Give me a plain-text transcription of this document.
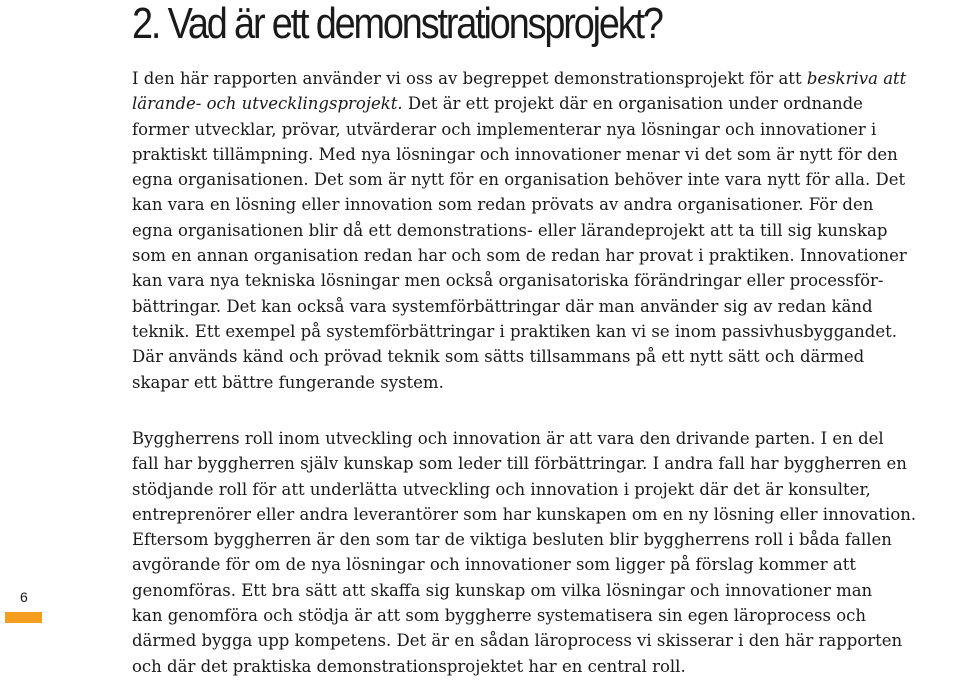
2. Vad är ett demonstrationsprojekt?
I den här rapporten använder vi oss av begreppet demonstrationsprojekt för att beskriva att
lärande- och utvecklingsprojekt. Det är ett projekt där en organisation under ordnande
former utvecklar, prövar, utvärderar och implementerar nya lösningar och innovationer i
praktiskt tillämpning. Med nya lösningar och innovationer menar vi det som är nytt för den
egna organisationen. Det som är nytt för en organisation behöver inte vara nytt för alla. Det
kan vara en lösning eller innovation som redan prövats av andra organisationer. För den
egna organisationen blir då ett demonstrations- eller lärandeprojekt att ta till sig kunskap
som en annan organisation redan har och som de redan har provat i praktiken. Innovationer
kan vara nya tekniska lösningar men också organisatoriska förändringar eller processför-
bättringar. Det kan också vara systemförbättringar där man använder sig av redan känd
teknik. Ett exempel på systemförbättringar i praktiken kan vi se inom passivhusbyggandet.
Där används känd och prövad teknik som sätts tillsammans på ett nytt sätt och därmed
skapar ett bättre fungerande system.
Byggherrens roll inom utveckling och innovation är att vara den drivande parten. I en del
fall har byggherren själv kunskap som leder till förbättringar. I andra fall har byggherren en
stödjande roll för att underlätta utveckling och innovation i projekt där det är konsulter,
entreprenörer eller andra leverantörer som har kunskapen om en ny lösning eller innovation.
Eftersom byggherren är den som tar de viktiga besluten blir byggherrens roll i båda fallen
avgörande för om de nya lösningar och innovationer som ligger på förslag kommer att
genomföras. Ett bra sätt att skaffa sig kunskap om vilka lösningar och innovationer man
kan genomföra och stödja är att som byggherre systematisera sin egen läroprocess och
därmed bygga upp kompetens. Det är en sådan läroprocess vi skisserar i den här rapporten
och där det praktiska demonstrationsprojektet har en central roll.
6
